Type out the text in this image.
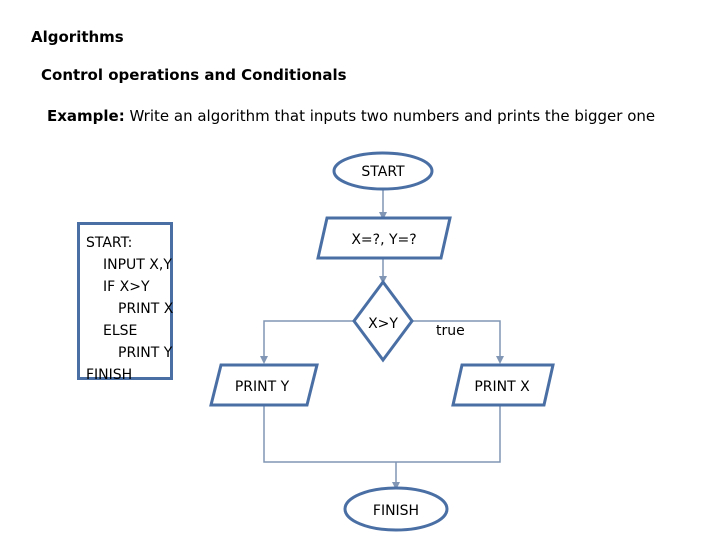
Algorithms
Control operations and Conditionals
Example: Write an algorithm that inputs two numbers and prints the bigger one
START:
INPUT X,Y
IF X>Y
PRINT X
ELSE
PRINT Y
FINISH
START
X=?, Y=?
X>Y	true
PRINT Y	PRINT X
FINISH
